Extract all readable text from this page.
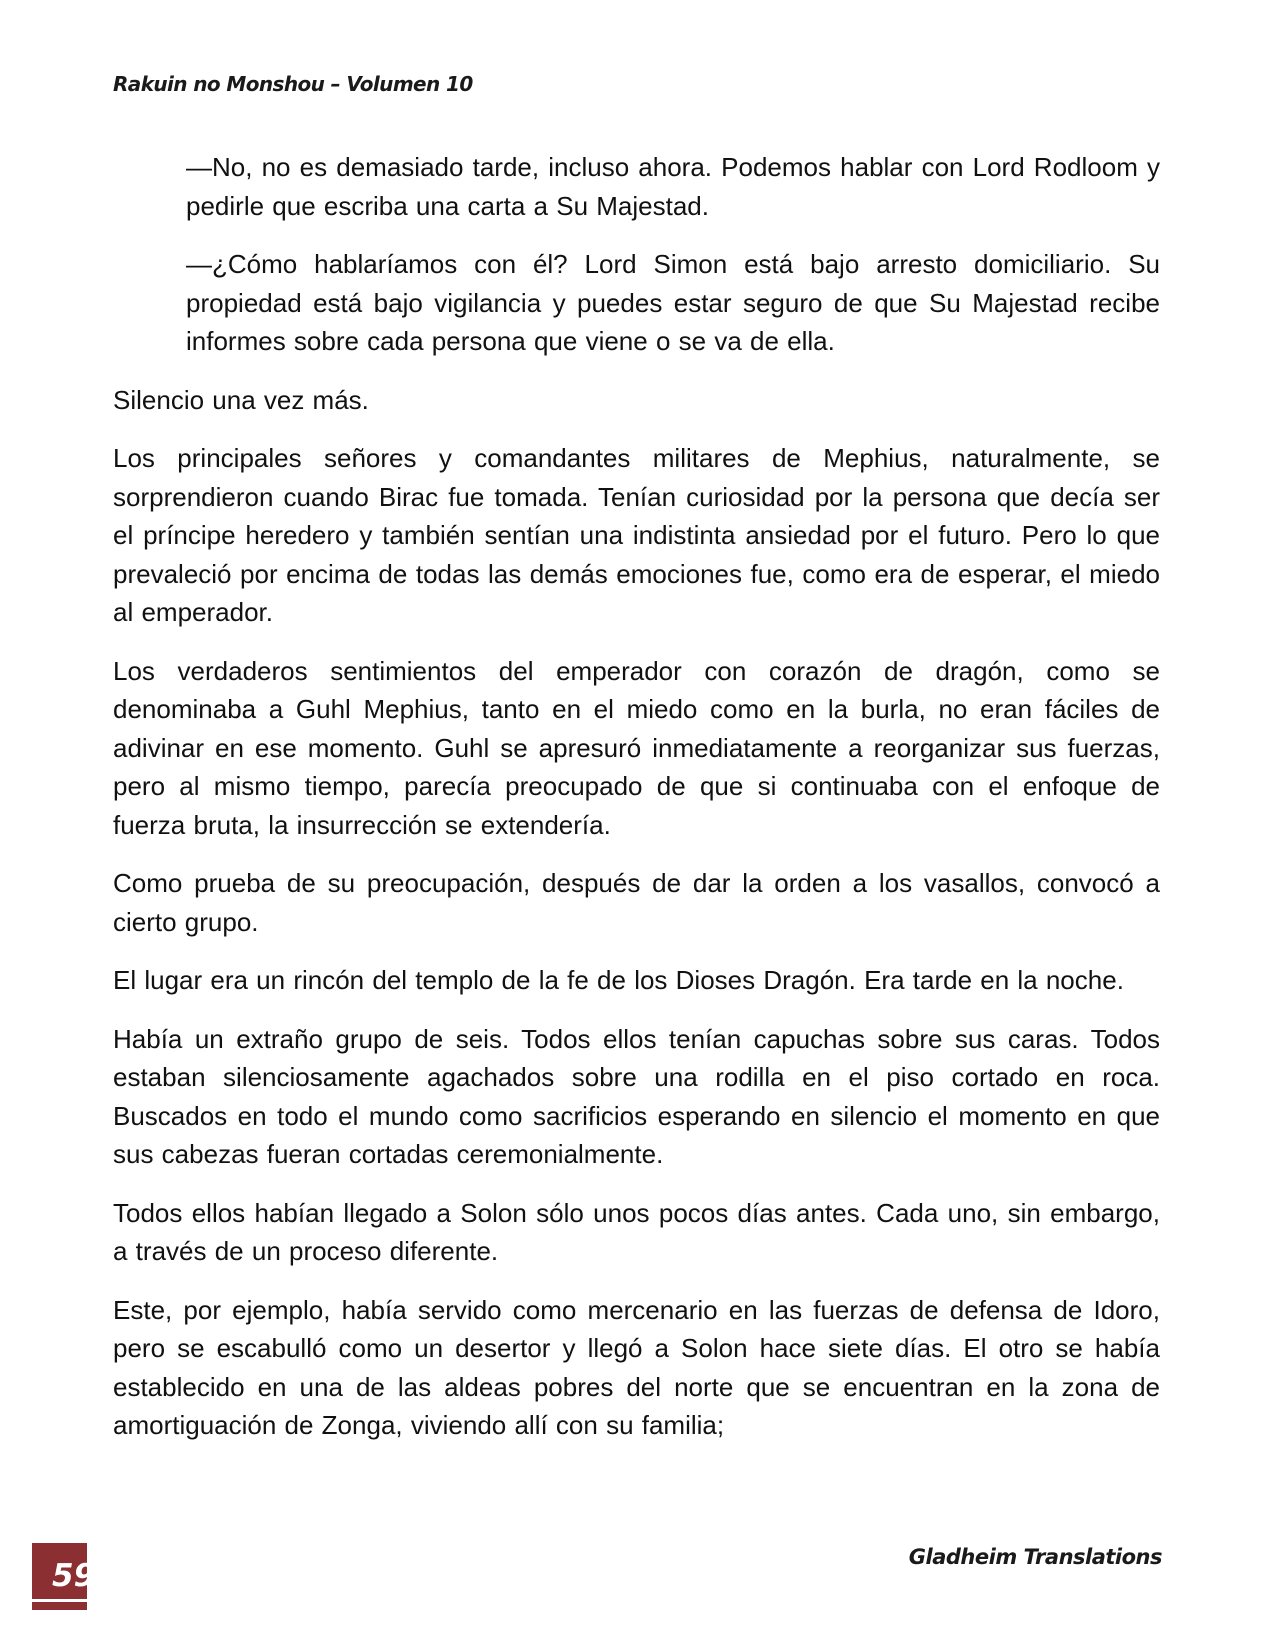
Rakuin no Monshou – Volumen 10

—No, no es demasiado tarde, incluso ahora. Podemos hablar con Lord Rodloom y pedirle que escriba una carta a Su Majestad.

—¿Cómo hablaríamos con él? Lord Simon está bajo arresto domiciliario. Su propiedad está bajo vigilancia y puedes estar seguro de que Su Majestad recibe informes sobre cada persona que viene o se va de ella.

Silencio una vez más.

Los principales señores y comandantes militares de Mephius, naturalmente, se sorprendieron cuando Birac fue tomada. Tenían curiosidad por la persona que decía ser el príncipe heredero y también sentían una indistinta ansiedad por el futuro. Pero lo que prevaleció por encima de todas las demás emociones fue, como era de esperar, el miedo al emperador.

Los verdaderos sentimientos del emperador con corazón de dragón, como se denominaba a Guhl Mephius, tanto en el miedo como en la burla, no eran fáciles de adivinar en ese momento. Guhl se apresuró inmediatamente a reorganizar sus fuerzas, pero al mismo tiempo, parecía preocupado de que si continuaba con el enfoque de fuerza bruta, la insurrección se extendería.

Como prueba de su preocupación, después de dar la orden a los vasallos, convocó a cierto grupo.

El lugar era un rincón del templo de la fe de los Dioses Dragón. Era tarde en la noche.

Había un extraño grupo de seis. Todos ellos tenían capuchas sobre sus caras. Todos estaban silenciosamente agachados sobre una rodilla en el piso cortado en roca. Buscados en todo el mundo como sacrificios esperando en silencio el momento en que sus cabezas fueran cortadas ceremonialmente.

Todos ellos habían llegado a Solon sólo unos pocos días antes. Cada uno, sin embargo, a través de un proceso diferente.

Este, por ejemplo, había servido como mercenario en las fuerzas de defensa de Idoro, pero se escabulló como un desertor y llegó a Solon hace siete días. El otro se había establecido en una de las aldeas pobres del norte que se encuentran en la zona de amortiguación de Zonga, viviendo allí con su familia;

59
Gladheim Translations
